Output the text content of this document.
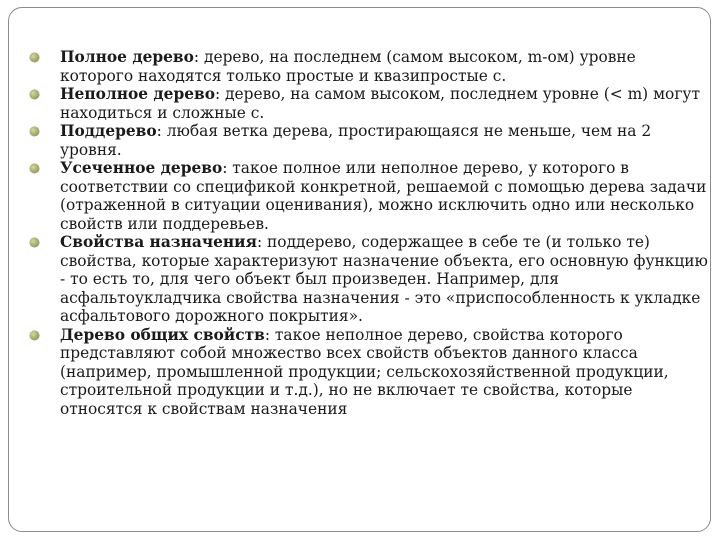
Полное дерево: дерево, на последнем (самом высоком, m-ом) уровне которого находятся только простые и квазипростые с.
Неполное дерево: дерево, на самом высоком, последнем уровне (< m) могут находиться и сложные с.
Поддерево: любая ветка дерева, простирающаяся не меньше, чем на 2 уровня.
Усеченное дерево: такое полное или неполное дерево, у которого в соответствии со спецификой конкретной, решаемой с помощью дерева задачи (отраженной в ситуации оценивания), можно исключить одно или несколько свойств или поддеревьев.
Свойства назначения: поддерево, содержащее в себе те (и только те) свойства, которые характеризуют назначение объекта, его основную функцию - то есть то, для чего объект был произведен. Например, для асфальтоукладчика свойства назначения - это «приспособленность к укладке асфальтового дорожного покрытия».
Дерево общих свойств: такое неполное дерево, свойства которого представляют собой множество всех свойств объектов данного класса (например, промышленной продукции; сельскохозяйственной продукции, строительной продукции и т.д.), но не включает те свойства, которые относятся к свойствам назначения
